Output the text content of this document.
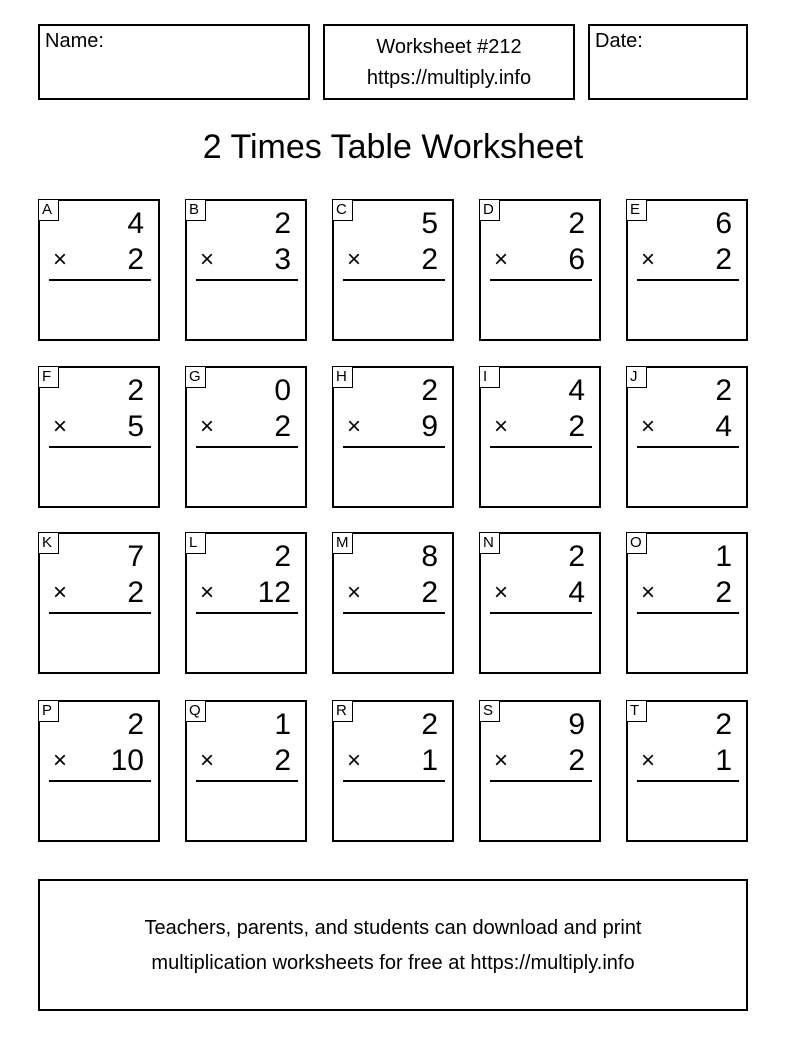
Name:	Worksheet #212
https://multiply.info
Date:
2 Times Table Worksheet
A	4
× 2
B	2
× 3
C 5
× 2
D 2
× 6
E	6
× 2
F	2
× 5
G 0
× 2
H 2
× 9
I	4
× 2
J	2
× 4
K	7
× 2
L	2
× 12
M 8
× 2
N 2
× 4
O 1
× 2
P	2
× 10
Q 1
× 2
R 2
× 1
S	9
× 2
T	2
× 1
Teachers, parents, and students can download and print
multiplication worksheets for free at https://multiply.info
